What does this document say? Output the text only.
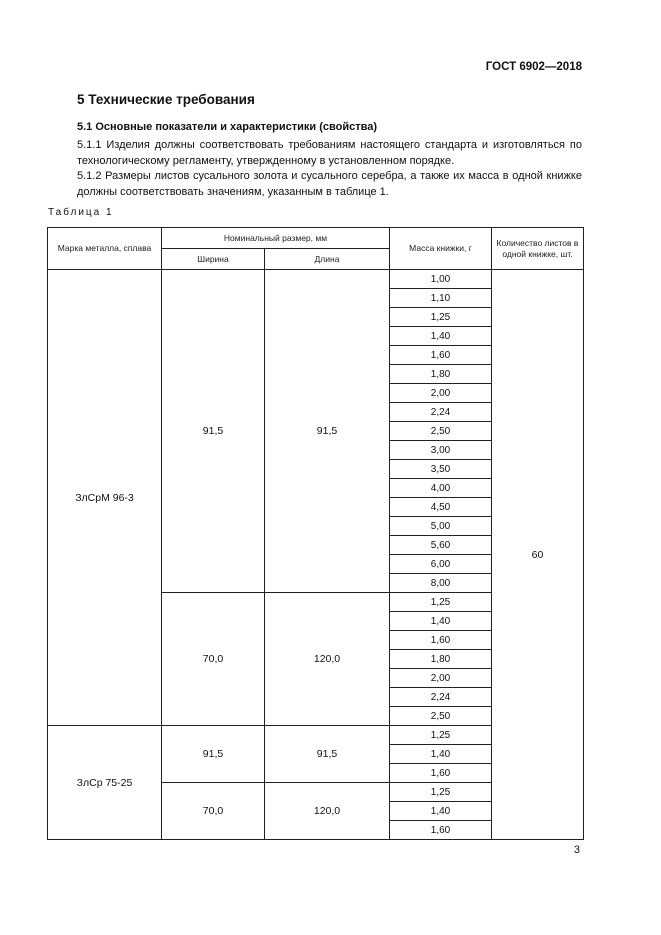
ГОСТ 6902—2018
5 Технические требования
5.1 Основные показатели и характеристики (свойства)

5.1.1 Изделия должны соответствовать требованиям настоящего стандарта и изготовляться по технологическому регламенту, утвержденному в установленном порядке.

5.1.2 Размеры листов сусального золота и сусального серебра, а также их масса в одной книжке должны соответствовать значениям, указанным в таблице 1.

Таблица 1
Марка металла, сплава	Номинальный размер, мм		Масса книжки, г	Количество листов в одной книжке, шт.
	Ширина	Длина		
ЗлСрМ 96-3	91,5	91,5	1,00	60
			1,10	
			1,25	
			1,40	
			1,60	
			1,80	
			2,00	
			2,24	
			2,50	
			3,00	
			3,50	
			4,00	
			4,50	
			5,00	
			5,60	
			6,00	
			8,00	
	70,0	120,0	1,25	
			1,40	
			1,60	
			1,80	
			2,00	
			2,24	
			2,50	
ЗлСр 75-25	91,5	91,5	1,25	
			1,40	
			1,60	
	70,0	120,0	1,25	
			1,40	
			1,60	
3
